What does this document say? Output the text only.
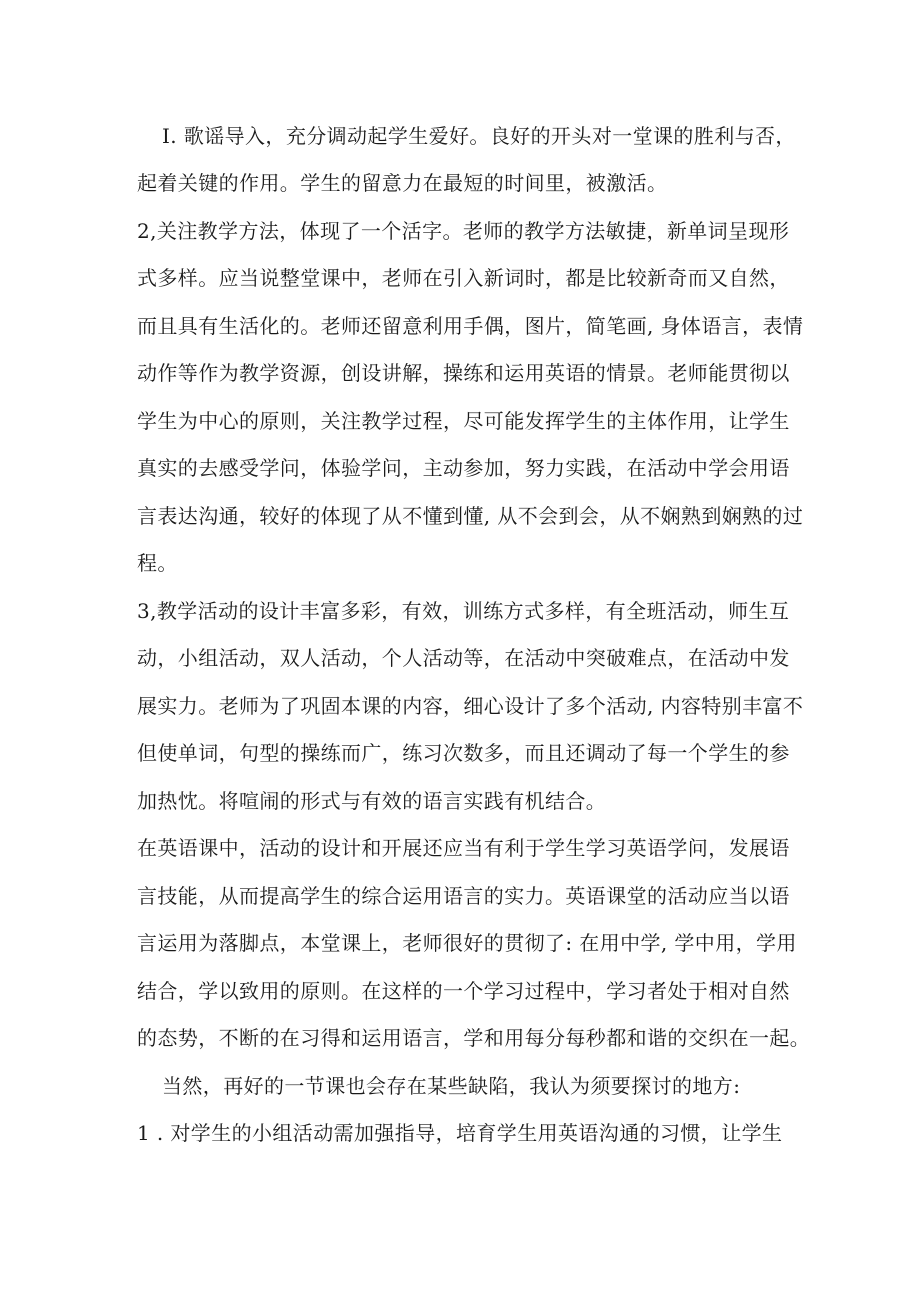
I. 歌谣导入，充分调动起学生爱好。良好的开头对一堂课的胜利与否，
起着关键的作用。学生的留意力在最短的时间里，被激活。
2,关注教学方法，体现了一个活字。老师的教学方法敏捷，新单词呈现形
式多样。应当说整堂课中，老师在引入新词时，都是比较新奇而又自然，
而且具有生活化的。老师还留意利用手偶，图片，简笔画, 身体语言，表情
动作等作为教学资源，创设讲解，操练和运用英语的情景。老师能贯彻以
学生为中心的原则，关注教学过程，尽可能发挥学生的主体作用，让学生
真实的去感受学问，体验学问，主动参加，努力实践，在活动中学会用语
言表达沟通，较好的体现了从不懂到懂, 从不会到会，从不娴熟到娴熟的过
程。
3,教学活动的设计丰富多彩，有效，训练方式多样，有全班活动，师生互
动，小组活动，双人活动，个人活动等，在活动中突破难点，在活动中发
展实力。老师为了巩固本课的内容，细心设计了多个活动, 内容特别丰富不
但使单词，句型的操练而广，练习次数多，而且还调动了每一个学生的参
加热忱。将喧闹的形式与有效的语言实践有机结合。
在英语课中，活动的设计和开展还应当有利于学生学习英语学问，发展语
言技能，从而提高学生的综合运用语言的实力。英语课堂的活动应当以语
言运用为落脚点，本堂课上，老师很好的贯彻了: 在用中学, 学中用，学用
结合，学以致用的原则。在这样的一个学习过程中，学习者处于相对自然
的态势，不断的在习得和运用语言，学和用每分每秒都和谐的交织在一起。
当然，再好的一节课也会存在某些缺陷，我认为须要探讨的地方:
1 . 对学生的小组活动需加强指导，培育学生用英语沟通的习惯，让学生
